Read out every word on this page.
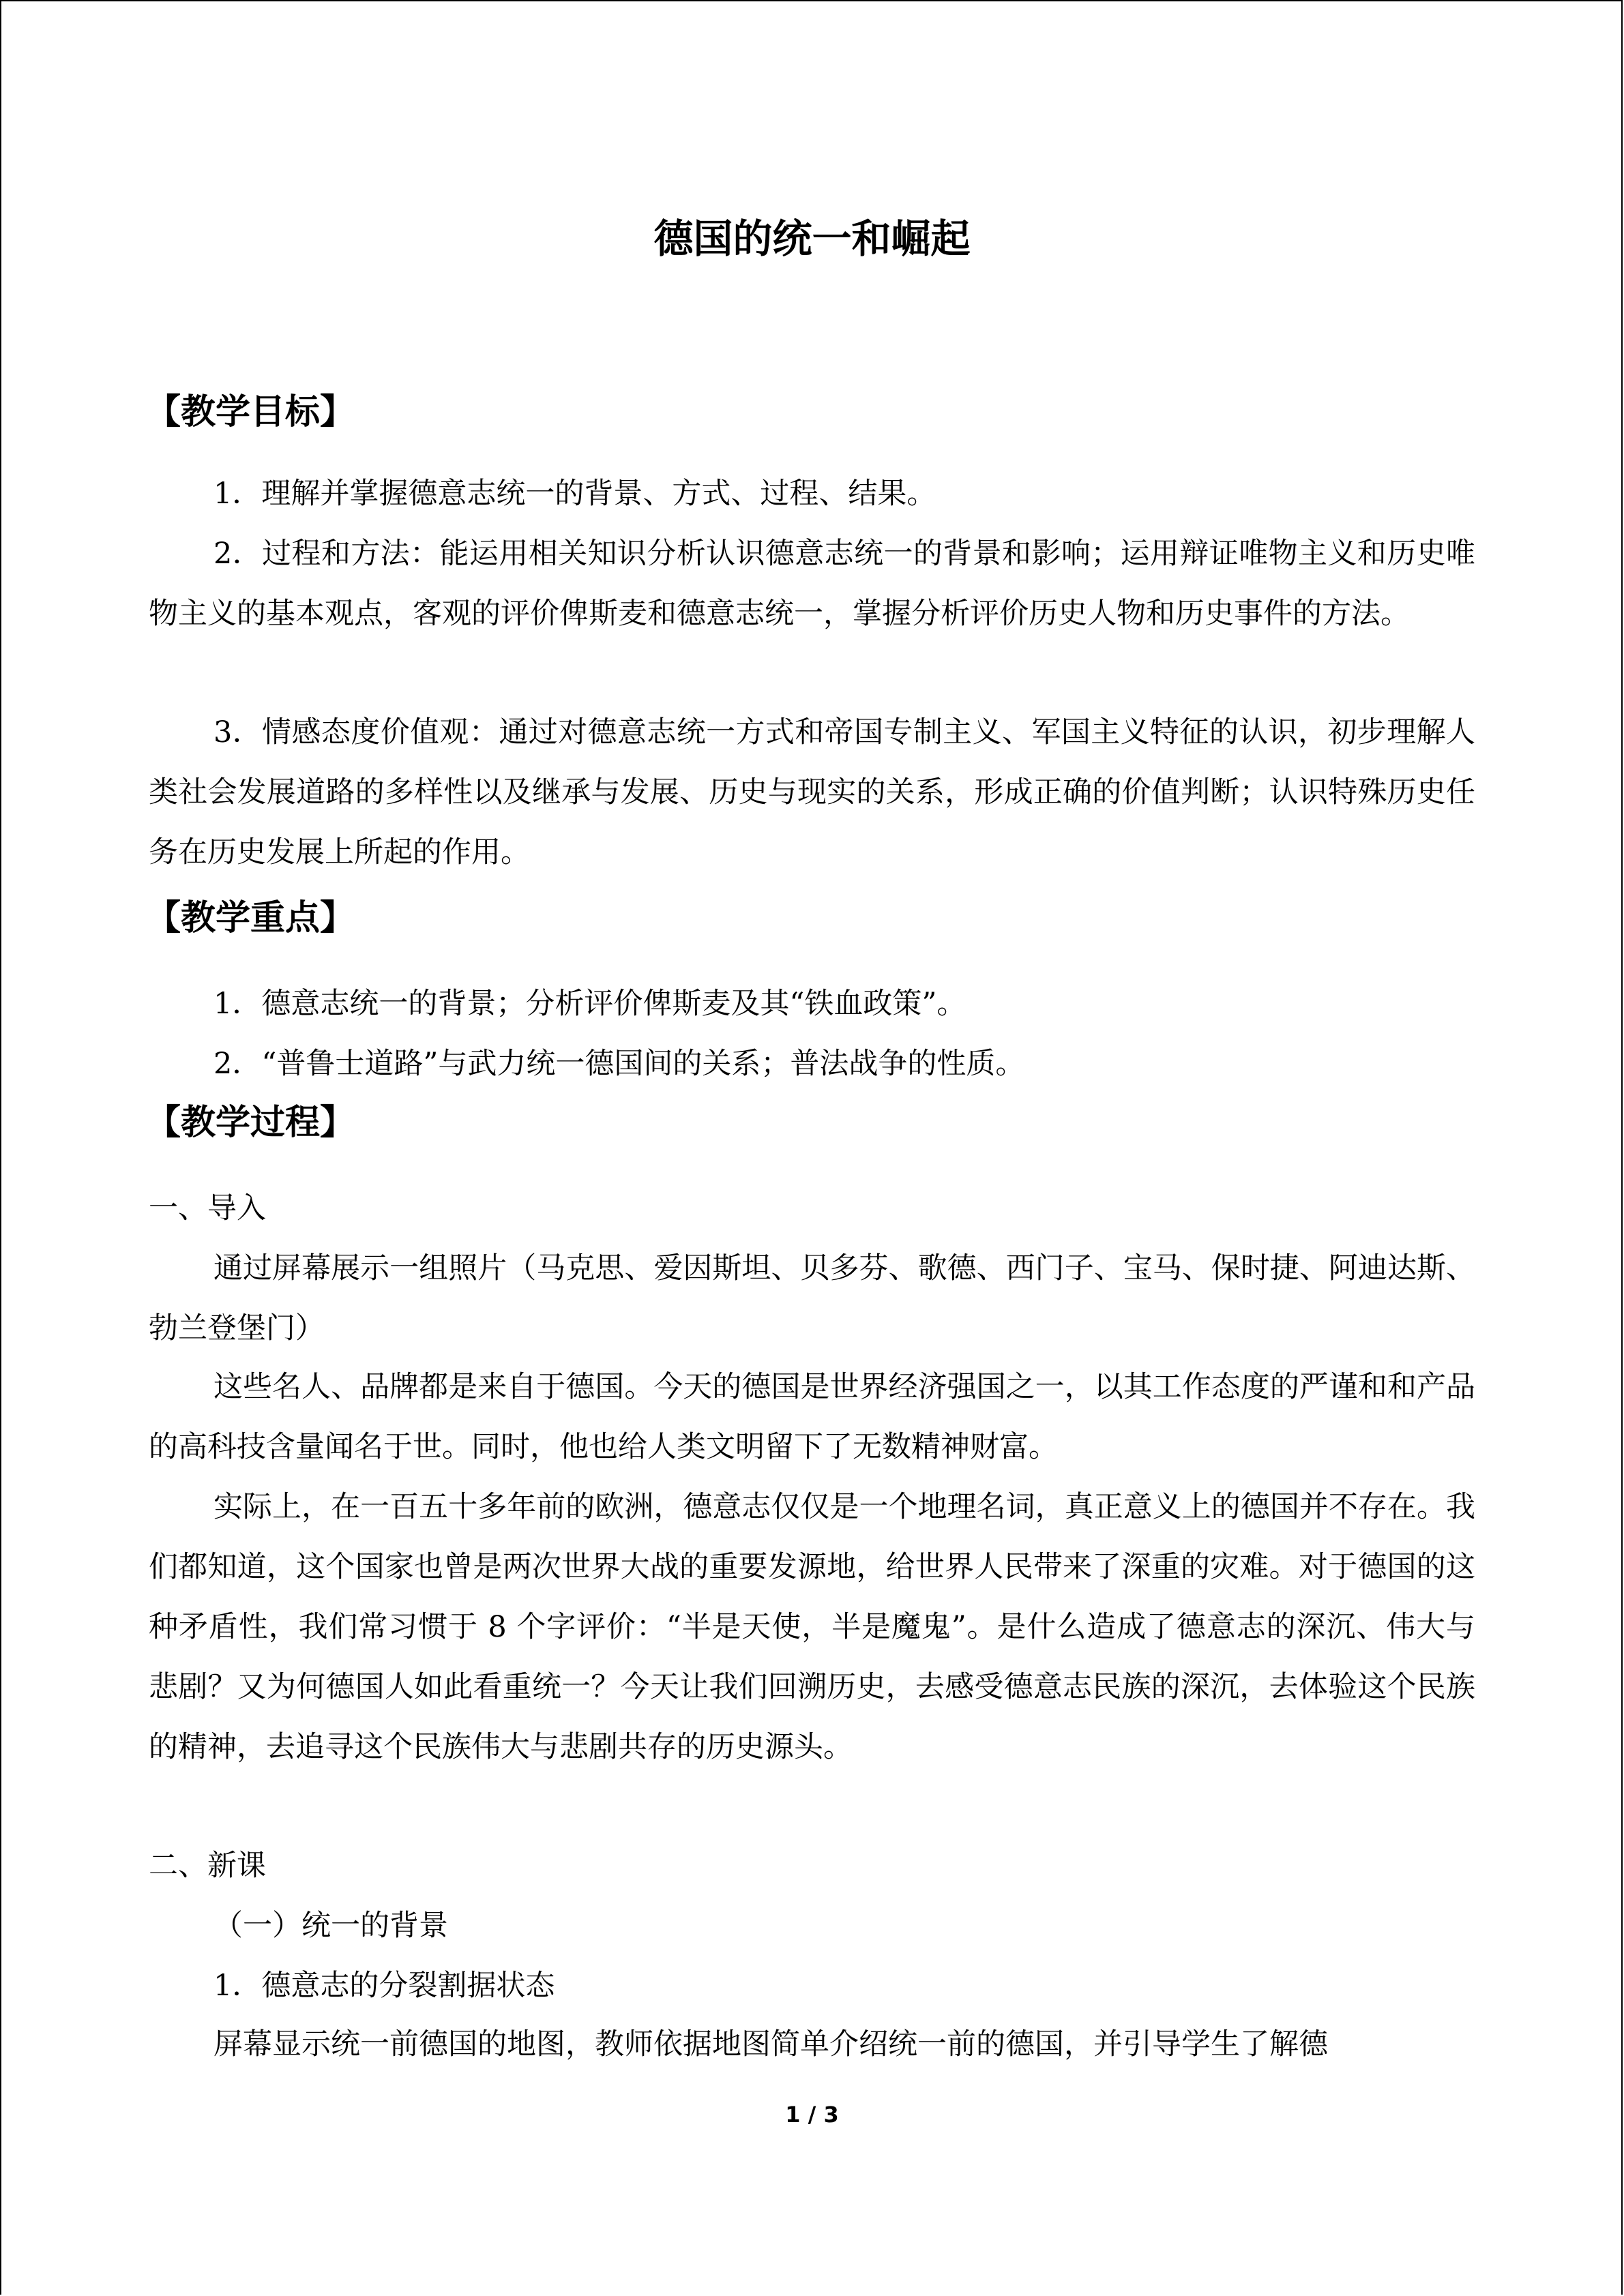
德国的统一和崛起
【教学目标】

1．理解并掌握德意志统一的背景、方式、过程、结果。

2．过程和方法：能运用相关知识分析认识德意志统一的背景和影响；运用辩证唯物主义和历史唯物主义的基本观点，客观的评价俾斯麦和德意志统一，掌握分析评价历史人物和历史事件的方法。

3．情感态度价值观：通过对德意志统一方式和帝国专制主义、军国主义特征的认识，初步理解人类社会发展道路的多样性以及继承与发展、历史与现实的关系，形成正确的价值判断；认识特殊历史任务在历史发展上所起的作用。

【教学重点】

1．德意志统一的背景；分析评价俾斯麦及其“铁血政策”。

2．“普鲁士道路”与武力统一德国间的关系；普法战争的性质。

【教学过程】

一、导入

通过屏幕展示一组照片（马克思、爱因斯坦、贝多芬、歌德、西门子、宝马、保时捷、阿迪达斯、勃兰登堡门）

这些名人、品牌都是来自于德国。今天的德国是世界经济强国之一，以其工作态度的严谨和和产品的高科技含量闻名于世。同时，他也给人类文明留下了无数精神财富。

实际上，在一百五十多年前的欧洲，德意志仅仅是一个地理名词，真正意义上的德国并不存在。我们都知道，这个国家也曾是两次世界大战的重要发源地，给世界人民带来了深重的灾难。对于德国的这种矛盾性，我们常习惯于 8 个字评价：“半是天使，半是魔鬼”。是什么造成了德意志的深沉、伟大与悲剧？又为何德国人如此看重统一？今天让我们回溯历史，去感受德意志民族的深沉，去体验这个民族的精神，去追寻这个民族伟大与悲剧共存的历史源头。

二、新课

（一）统一的背景

1．德意志的分裂割据状态

屏幕显示统一前德国的地图，教师依据地图简单介绍统一前的德国，并引导学生了解德

1 / 3
